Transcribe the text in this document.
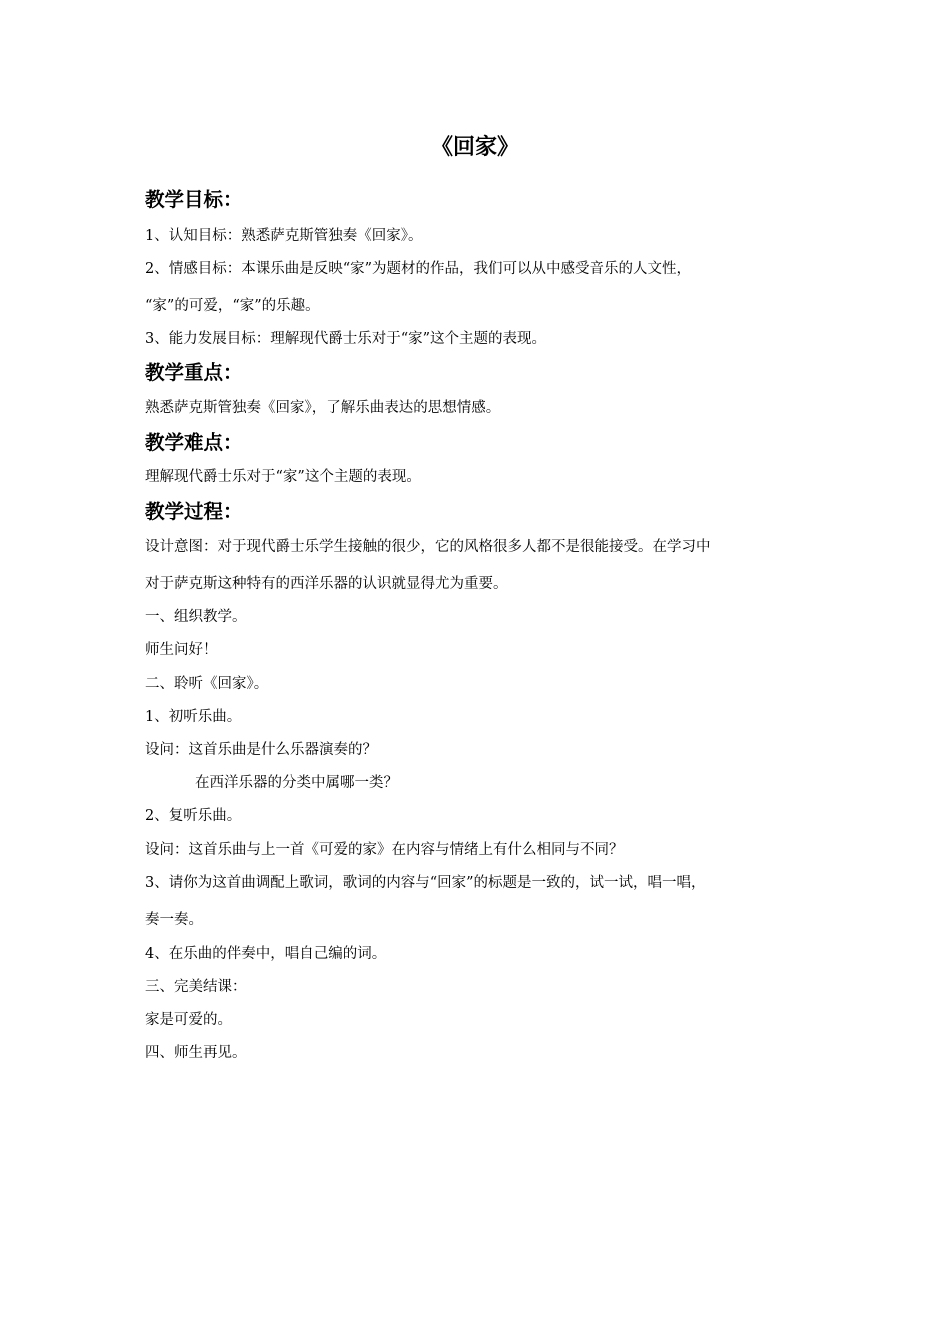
《回家》
教学目标：
1、认知目标：熟悉萨克斯管独奏《回家》。
2、情感目标：本课乐曲是反映“家”为题材的作品，我们可以从中感受音乐的人文性，
“家”的可爱，“家”的乐趣。
3、能力发展目标：理解现代爵士乐对于“家”这个主题的表现。
教学重点：
熟悉萨克斯管独奏《回家》，了解乐曲表达的思想情感。
教学难点：
理解现代爵士乐对于“家”这个主题的表现。
教学过程：
设计意图：对于现代爵士乐学生接触的很少，它的风格很多人都不是很能接受。在学习中
对于萨克斯这种特有的西洋乐器的认识就显得尤为重要。
一、组织教学。
师生问好！
二、聆听《回家》。
1、初听乐曲。
设问：这首乐曲是什么乐器演奏的？
在西洋乐器的分类中属哪一类？
2、复听乐曲。
设问：这首乐曲与上一首《可爱的家》在内容与情绪上有什么相同与不同？
3、请你为这首曲调配上歌词，歌词的内容与“回家”的标题是一致的，试一试，唱一唱，
奏一奏。
4、在乐曲的伴奏中，唱自己编的词。
三、完美结课：
家是可爱的。
四、师生再见。
